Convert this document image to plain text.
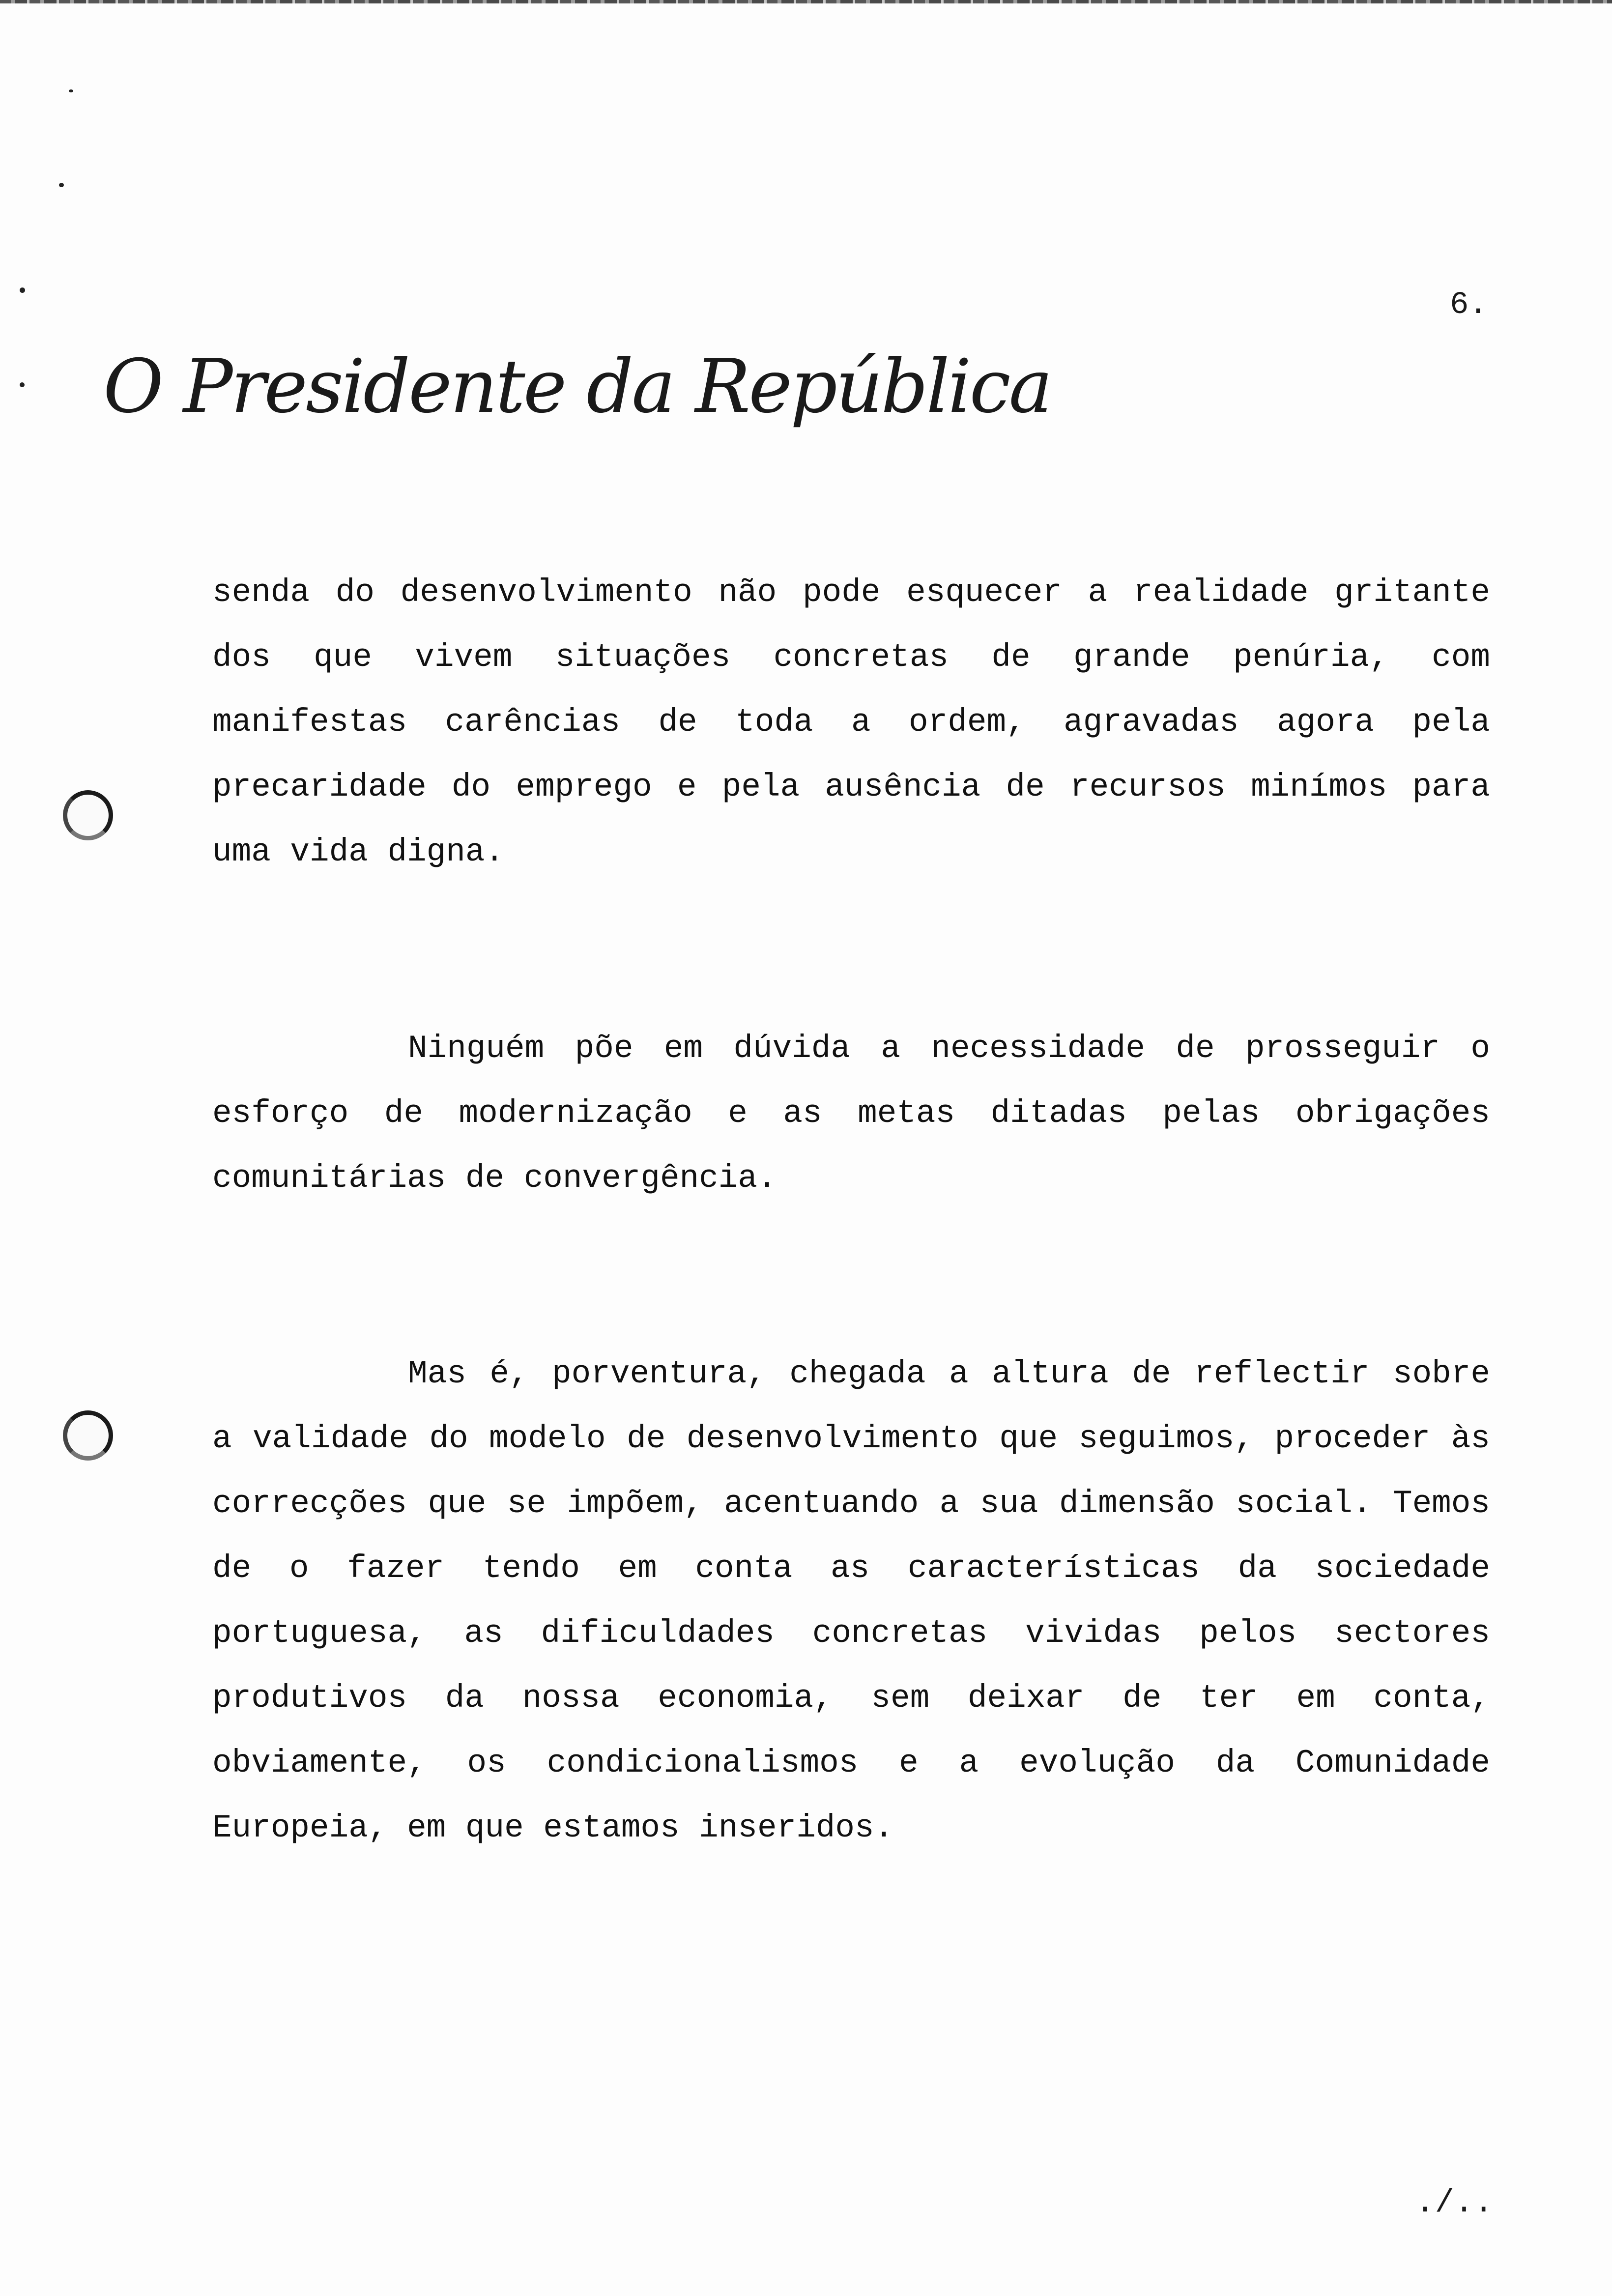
6.
O Presidente da República
senda do desenvolvimento não pode esquecer a realidade gritante
dos que vivem situações concretas de grande penúria, com
manifestas carências de toda a ordem, agravadas agora pela
precaridade do emprego e pela ausência de recursos minímos para
uma vida digna.
Ninguém põe em dúvida a necessidade de prosseguir o
esforço de modernização e as metas ditadas pelas obrigações
comunitárias de convergência.
Mas é, porventura, chegada a altura de reflectir sobre
a validade do modelo de desenvolvimento que seguimos, proceder às
correcções que se impõem, acentuando a sua dimensão social. Temos
de o fazer tendo em conta as características da sociedade
portuguesa, as dificuldades concretas vividas pelos sectores
produtivos da nossa economia, sem deixar de ter em conta,
obviamente, os condicionalismos e a evolução da Comunidade
Europeia, em que estamos inseridos.
./..
